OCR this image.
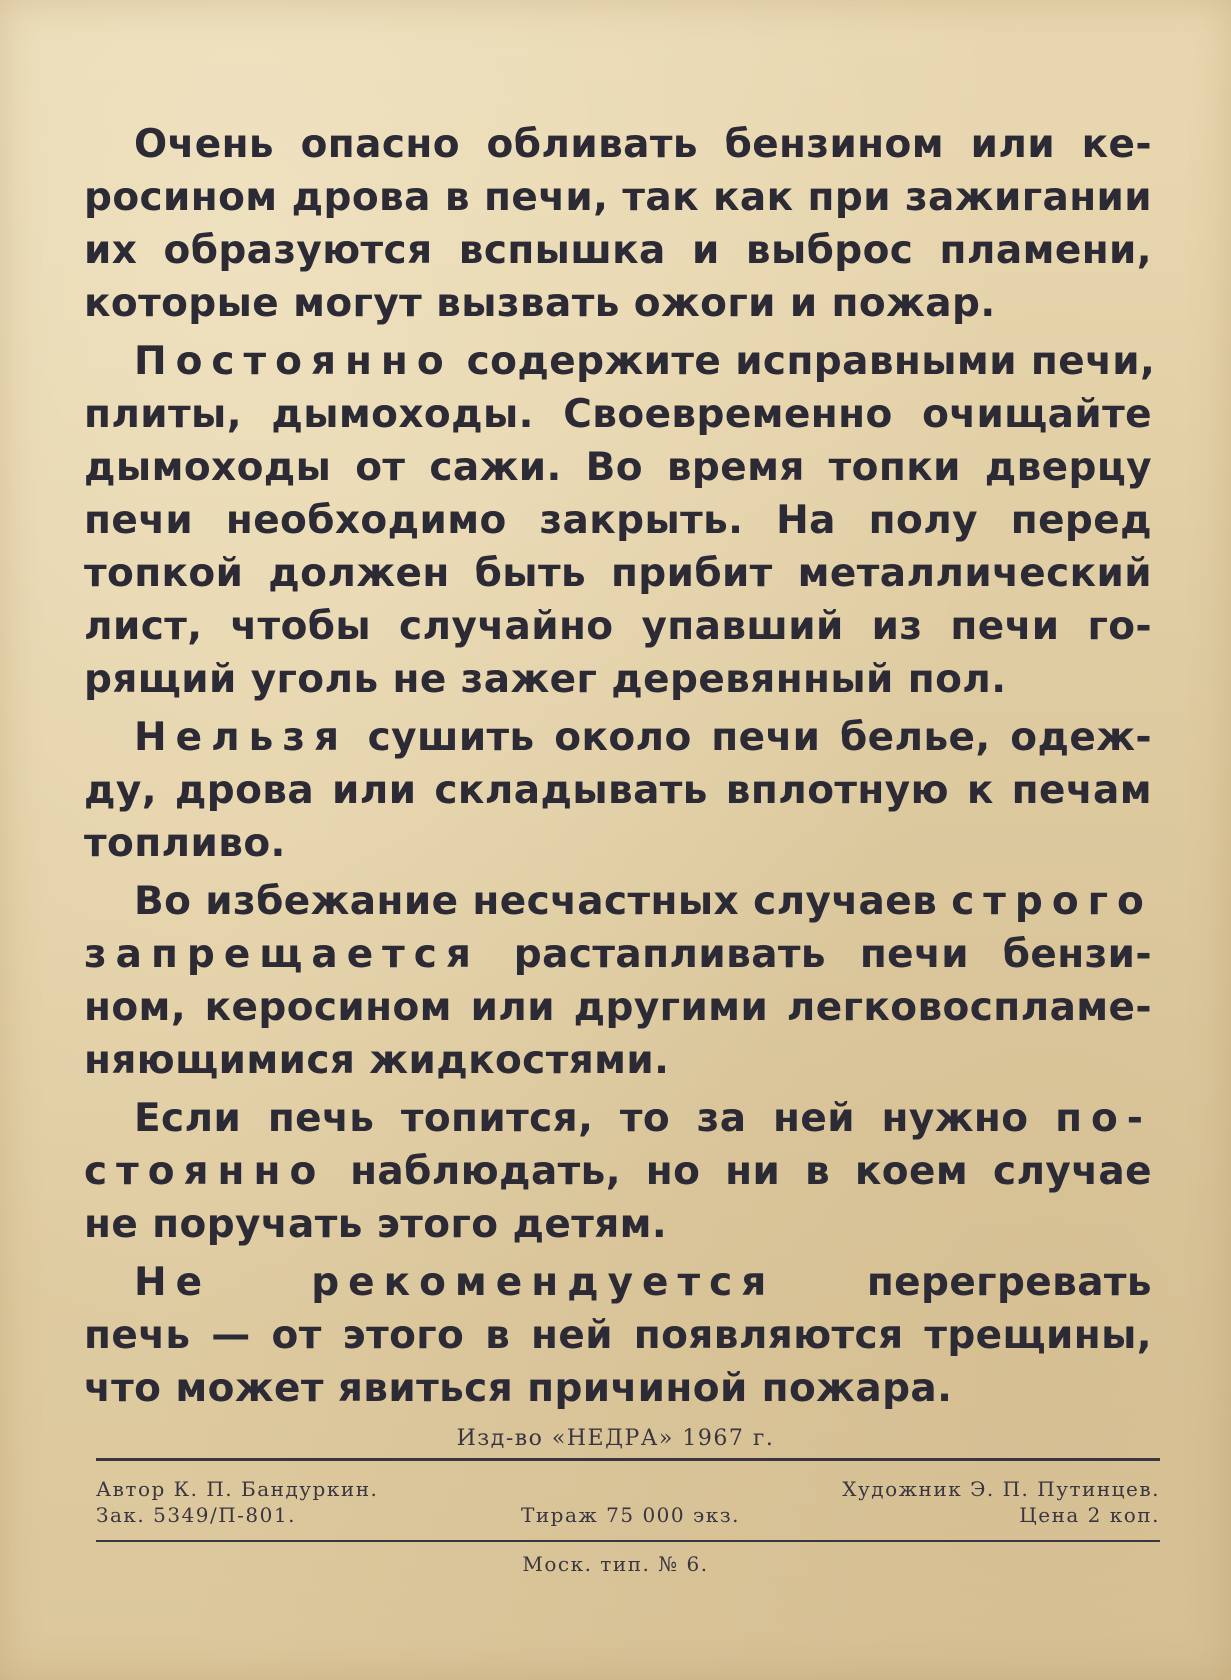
Очень опасно обливать бензином или ке-
росином дрова в печи, так как при зажигании
их образуются вспышка и выброс пламени,
которые могут вызвать ожоги и пожар.
Постоянно содержите исправными печи,
плиты, дымоходы. Своевременно очищайте
дымоходы от сажи. Во время топки дверцу
печи необходимо закрыть. На полу перед
топкой должен быть прибит металлический
лист, чтобы случайно упавший из печи го-
рящий уголь не зажег деревянный пол.
Нельзя сушить около печи белье, одеж-
ду, дрова или складывать вплотную к печам
топливо.
Во избежание несчастных случаев строго
запрещается растапливать печи бензи-
ном, керосином или другими легковоспламе-
няющимися жидкостями.
Если печь топится, то за ней нужно по-
стоянно наблюдать, но ни в коем случае
не поручать этого детям.
Не рекомендуется перегревать
печь — от этого в ней появляются трещины,
что может явиться причиной пожара.
Изд-во «НЕДРА» 1967 г.
Автор К. П. Бандуркин.	Художник Э. П. Путинцев.
Зак. 5349/П-801.	Тираж 75 000 экз.	Цена 2 коп.
Моск. тип. № 6.
